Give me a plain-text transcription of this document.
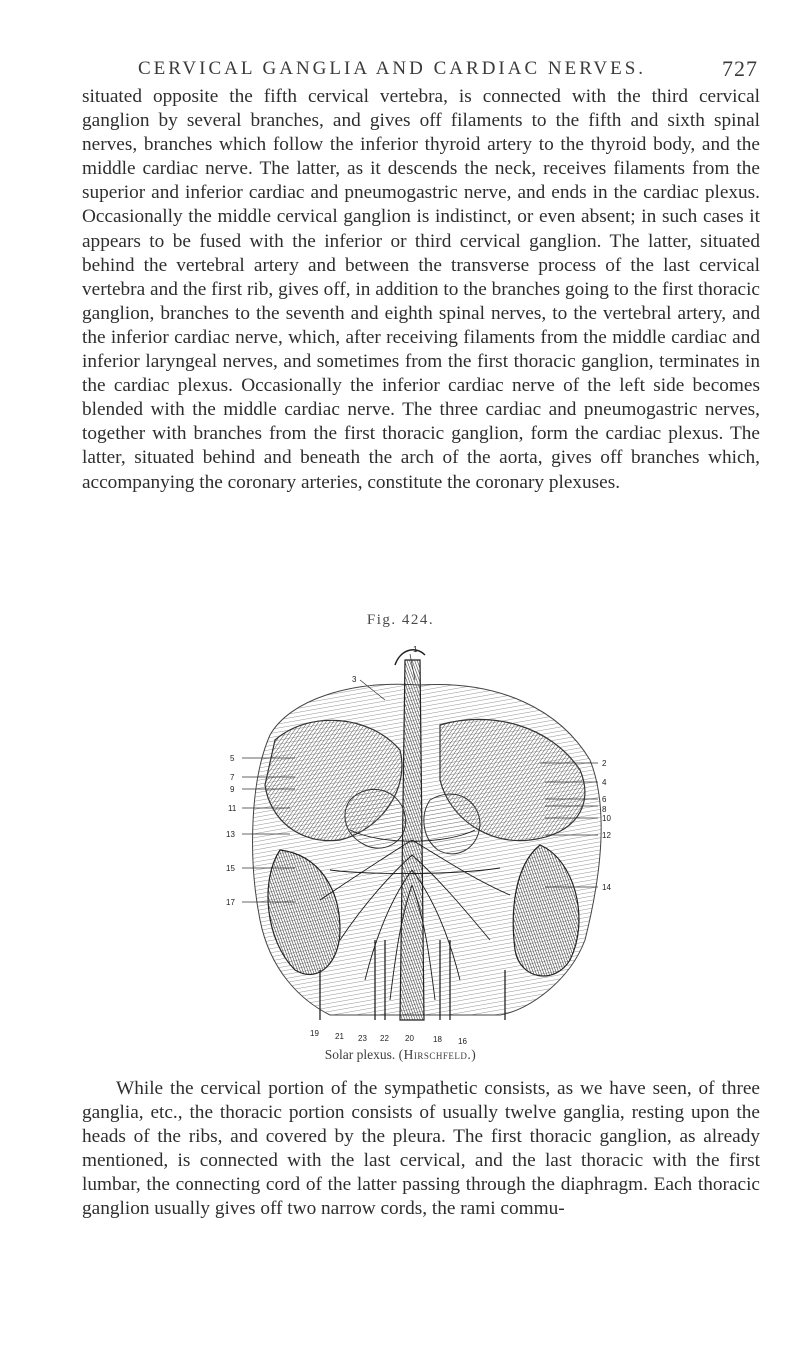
CERVICAL GANGLIA AND CARDIAC NERVES.	727

situated opposite the fifth cervical vertebra, is connected with the third cervical ganglion by several branches, and gives off filaments to the fifth and sixth spinal nerves, branches which follow the inferior thyroid artery to the thyroid body, and the middle cardiac nerve. The latter, as it descends the neck, receives filaments from the superior and inferior cardiac and pneumogastric nerve, and ends in the cardiac plexus. Occasionally the middle cervical ganglion is indistinct, or even absent; in such cases it appears to be fused with the inferior or third cervical ganglion. The latter, situated behind the vertebral artery and between the transverse process of the last cervical vertebra and the first rib, gives off, in addition to the branches going to the first thoracic ganglion, branches to the seventh and eighth spinal nerves, to the vertebral artery, and the inferior cardiac nerve, which, after receiving filaments from the middle cardiac and inferior laryngeal nerves, and sometimes from the first thoracic ganglion, terminates in the cardiac plexus. Occasionally the inferior cardiac nerve of the left side becomes blended with the middle cardiac nerve. The three cardiac and pneumogastric nerves, together with branches from the first thoracic ganglion, form the cardiac plexus. The latter, situated behind and beneath the arch of the aorta, gives off branches which, accompanying the coronary arteries, constitute the coronary plexuses.

Fig. 424.
5
7
9
11
13
15
17
2
4
6
8
10
12
14
1
3
19 21 23 22 20 18 16
Solar plexus. (Hirschfeld.)

While the cervical portion of the sympathetic consists, as we have seen, of three ganglia, etc., the thoracic portion consists of usually twelve ganglia, resting upon the heads of the ribs, and covered by the pleura. The first thoracic ganglion, as already mentioned, is connected with the last cervical, and the last thoracic with the first lumbar, the connecting cord of the latter passing through the diaphragm. Each thoracic ganglion usually gives off two narrow cords, the rami commu-
